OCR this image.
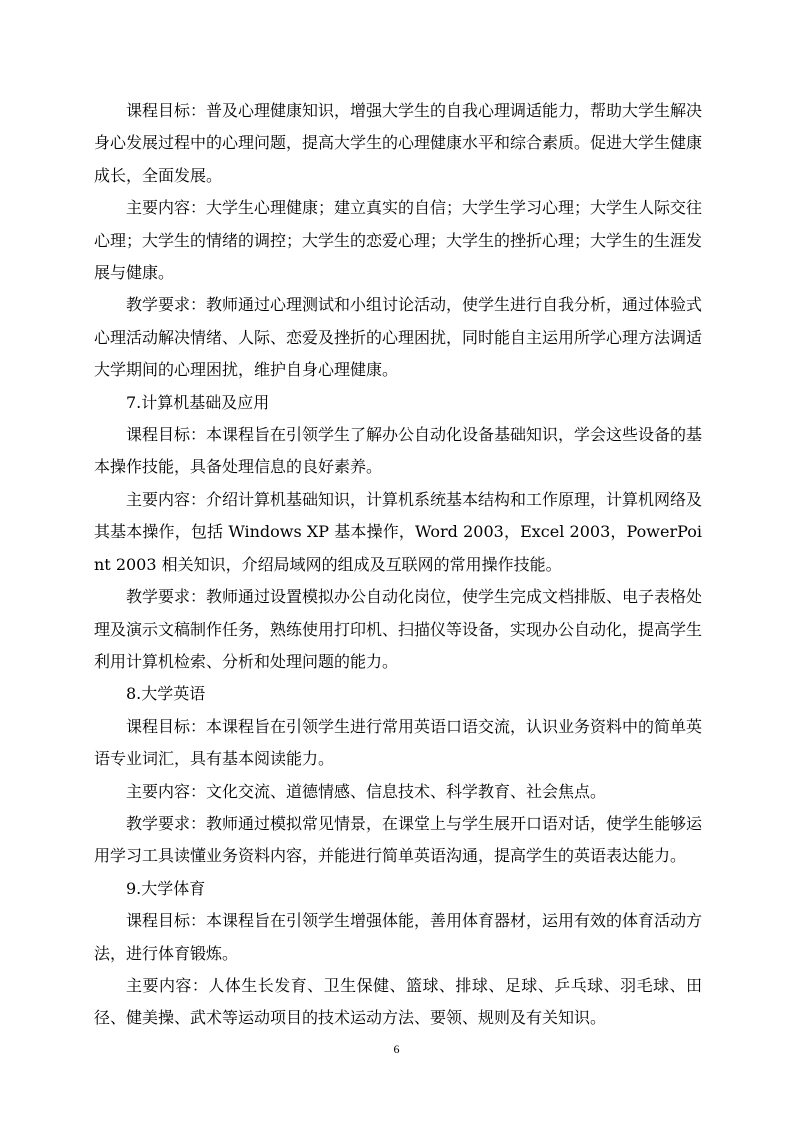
课程目标：普及心理健康知识，增强大学生的自我心理调适能力，帮助大学生解决身心发展过程中的心理问题，提高大学生的心理健康水平和综合素质。促进大学生健康成长，全面发展。

主要内容：大学生心理健康；建立真实的自信；大学生学习心理；大学生人际交往心理；大学生的情绪的调控；大学生的恋爱心理；大学生的挫折心理；大学生的生涯发展与健康。

教学要求：教师通过心理测试和小组讨论活动，使学生进行自我分析，通过体验式心理活动解决情绪、人际、恋爱及挫折的心理困扰，同时能自主运用所学心理方法调适大学期间的心理困扰，维护自身心理健康。

7.计算机基础及应用

课程目标：本课程旨在引领学生了解办公自动化设备基础知识，学会这些设备的基本操作技能，具备处理信息的良好素养。

主要内容：介绍计算机基础知识，计算机系统基本结构和工作原理，计算机网络及其基本操作，包括 Windows XP 基本操作，Word 2003，Excel 2003，PowerPoint 2003 相关知识，介绍局域网的组成及互联网的常用操作技能。

教学要求：教师通过设置模拟办公自动化岗位，使学生完成文档排版、电子表格处理及演示文稿制作任务，熟练使用打印机、扫描仪等设备，实现办公自动化，提高学生利用计算机检索、分析和处理问题的能力。

8.大学英语

课程目标：本课程旨在引领学生进行常用英语口语交流，认识业务资料中的简单英语专业词汇，具有基本阅读能力。

主要内容：文化交流、道德情感、信息技术、科学教育、社会焦点。

教学要求：教师通过模拟常见情景，在课堂上与学生展开口语对话，使学生能够运用学习工具读懂业务资料内容，并能进行简单英语沟通，提高学生的英语表达能力。

9.大学体育

课程目标：本课程旨在引领学生增强体能，善用体育器材，运用有效的体育活动方法，进行体育锻炼。

主要内容：人体生长发育、卫生保健、篮球、排球、足球、乒乓球、羽毛球、田径、健美操、武术等运动项目的技术运动方法、要领、规则及有关知识。

6
